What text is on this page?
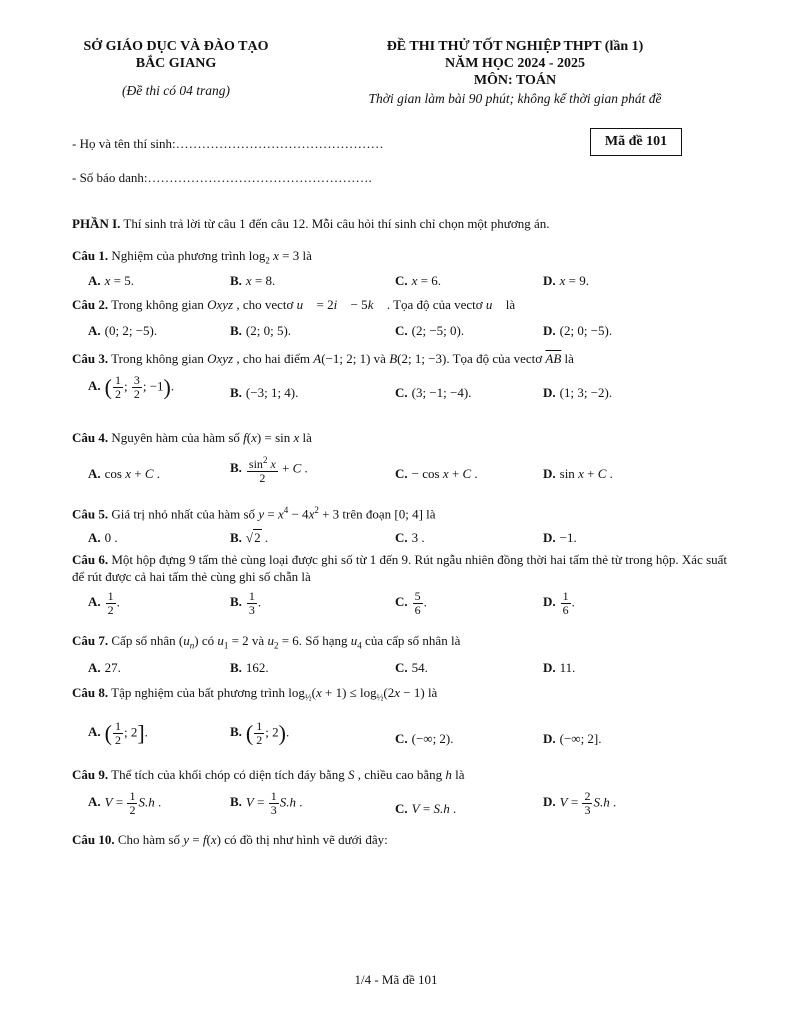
SỞ GIÁO DỤC VÀ ĐÀO TẠO
BẮC GIANG
(Đề thi có 04 trang)
ĐỀ THI THỬ TỐT NGHIỆP THPT (lần 1)
NĂM HỌC 2024 - 2025
MÔN: TOÁN
Thời gian làm bài 90 phút; không kể thời gian phát đề
- Họ và tên thí sinh:…………………………………………
- Số báo danh:…………………………………………….
Mã đề 101
PHẦN I. Thí sinh trả lời từ câu 1 đến câu 12. Mỗi câu hỏi thí sinh chỉ chọn một phương án.
Câu 1. Nghiệm của phương trình $\log_2 x = 3$ là
A. x = 5.	B. x = 8.	C. x = 6.	D. x = 9.
Câu 2. Trong không gian Oxyz , cho vectơ u⃗ = 2i⃗ − 5k⃗ . Tọa độ của vectơ u⃗ là
A. (0; 2; −5).	B. (2; 0; 5).	C. (2; −5; 0).	D. (2; 0; −5).
Câu 3. Trong không gian Oxyz , cho hai điểm A(−1; 2; 1) và B(2; 1; −3). Tọa độ của vectơ $\overline{AB}$ là
A. ( $\frac{1}{2}$ ; $\frac{3}{2}$ ; −1).	B. (−3; 1; 4).	C. (3; −1; −4).	D. (1; 3; −2).
Câu 4. Nguyên hàm của hàm số f(x) = sin x là
A. cos x + C .	B. $\frac{\sin^2 x}{2} + C$ .	C. − cos x + C .	D. sin x + C .
Câu 5. Giá trị nhỏ nhất của hàm số $y = x^4 - 4x^2 + 3$ trên đoạn [0; 4] là
A. 0 .	B. √2 .	C. 3 .	D. −1.
Câu 6. Một hộp đựng 9 tấm thẻ cùng loại được ghi số từ 1 đến 9. Rút ngẫu nhiên đồng thời hai tấm thẻ từ trong hộp. Xác suất để rút được cả hai tấm thẻ cùng ghi số chẵn là
A. $\frac{1}{2}$ .	B. $\frac{1}{3}$ .	C. $\frac{5}{6}$ .	D. $\frac{1}{6}$ .
Câu 7. Cấp số nhân $(u_n)$ có $u_1 = 2$ và $u_2 = 6$. Số hạng $u_4$ của cấp số nhân là
A. 27.	B. 162.	C. 54.	D. 11.
Câu 8. Tập nghiệm của bất phương trình $\log_{\frac{1}{2}}(x + 1) \le \log_{\frac{1}{2}}(2x - 1)$ là
A. ( $\frac{1}{2}$ ; 2].	B. ( $\frac{1}{2}$ ; 2).	C. (−∞; 2).	D. (−∞; 2].
Câu 9. Thể tích của khối chóp có diện tích đáy bằng S , chiều cao bằng h là
A. $V = \frac{1}{2} S.h$ .	B. $V = \frac{1}{3} S.h$ .	C. V = S.h .	D. $V = \frac{2}{3} S.h$ .
Câu 10. Cho hàm số y = f(x) có đồ thị như hình vẽ dưới đây:
1/4 - Mã đề 101
